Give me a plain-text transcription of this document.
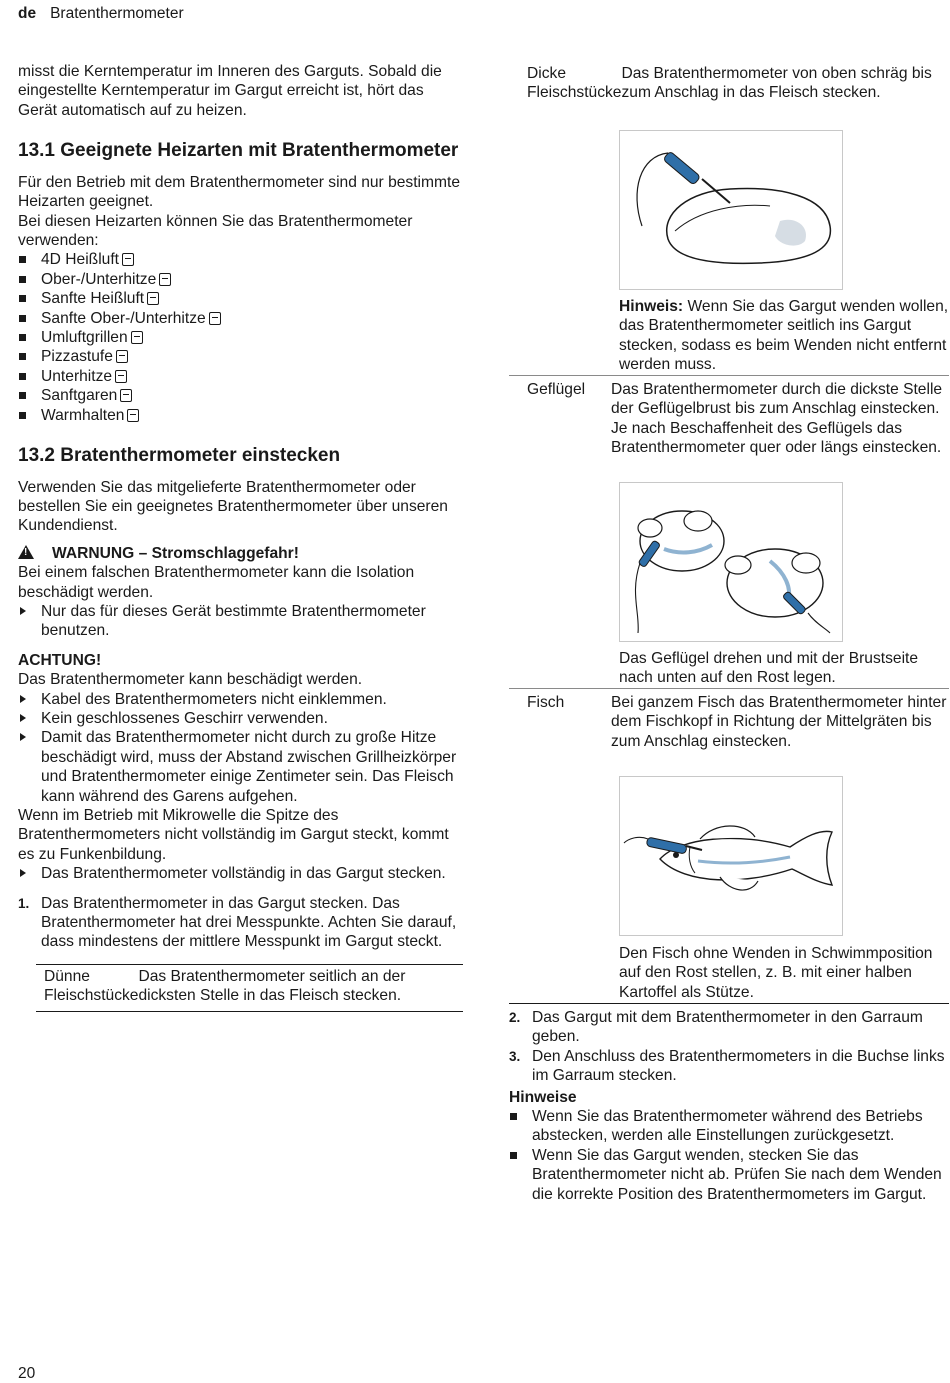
de Bratenthermometer

misst die Kerntemperatur im Inneren des Garguts. Sobald die eingestellte Kerntemperatur im Gargut erreicht ist, hört das Gerät automatisch auf zu heizen.

13.1 Geeignete Heizarten mit Bratenthermometer

Für den Betrieb mit dem Bratenthermometer sind nur bestimmte Heizarten geeignet.

Bei diesen Heizarten können Sie das Bratenthermometer verwenden:

4D Heißluft
Ober-/Unterhitze
Sanfte Heißluft
Sanfte Ober-/Unterhitze
Umluftgrillen
Pizzastufe
Unterhitze
Sanftgaren
Warmhalten
13.2 Bratenthermometer einstecken

Verwenden Sie das mitgelieferte Bratenthermometer oder bestellen Sie ein geeignetes Bratenthermometer über unseren Kundendienst.

!WARNUNG – Stromschlaggefahr!

Bei einem falschen Bratenthermometer kann die Isolation beschädigt werden.

Nur das für dieses Gerät bestimmte Bratenthermometer benutzen.

ACHTUNG!

Das Bratenthermometer kann beschädigt werden.

Kabel des Bratenthermometers nicht einklemmen.
Kein geschlossenes Geschirr verwenden.
Damit das Bratenthermometer nicht durch zu große Hitze beschädigt wird, muss der Abstand zwischen Grillheizkörper und Bratenthermometer einige Zentimeter sein. Das Fleisch kann während des Garens aufgehen.

Wenn im Betrieb mit Mikrowelle die Spitze des Bratenthermometers nicht vollständig im Gargut steckt, kommt es zu Funkenbildung.

Das Bratenthermometer vollständig in das Gargut stecken.
1. Das Bratenthermometer in das Gargut stecken. Das Bratenthermometer hat drei Messpunkte. Achten Sie darauf, dass mindestens der mittlere Messpunkt im Gargut steckt.
Dünne Fleischstücke	Das Bratenthermometer seitlich an der dicksten Stelle in das Fleisch stecken.
Dicke Fleischstücke	Das Bratenthermometer von oben schräg bis zum Anschlag in das Fleisch stecken.

Hinweis: Wenn Sie das Gargut wenden wollen, das Bratenthermometer seitlich ins Gargut stecken, sodass es beim Wenden nicht entfernt werden muss.

Geflügel	Das Bratenthermometer durch die dickste Stelle der Geflügelbrust bis zum Anschlag einstecken. Je nach Beschaffenheit des Geflügels das Bratenthermometer quer oder längs einstecken.
Das Geflügel drehen und mit der Brustseite nach unten auf den Rost legen.
Fisch	Bei ganzem Fisch das Bratenthermometer hinter dem Fischkopf in Richtung der Mittelgräten bis zum Anschlag einstecken.
Den Fisch ohne Wenden in Schwimmposition auf den Rost stellen, z. B. mit einer halben Kartoffel als Stütze.
2. Das Gargut mit dem Bratenthermometer in den Garraum geben.
3. Den Anschluss des Bratenthermometers in die Buchse links im Garraum stecken.

Hinweise

Wenn Sie das Bratenthermometer während des Betriebs abstecken, werden alle Einstellungen zurückgesetzt.
Wenn Sie das Gargut wenden, stecken Sie das Bratenthermometer nicht ab. Prüfen Sie nach dem Wenden die korrekte Position des Bratenthermometers im Gargut.
20
